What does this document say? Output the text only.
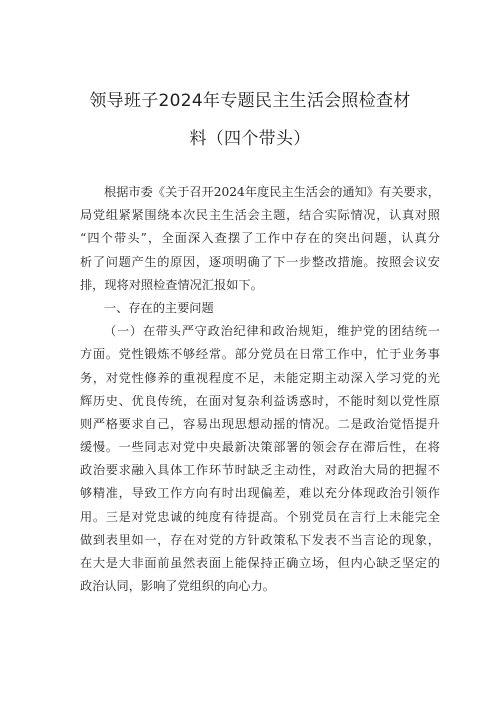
领导班子2024年专题民主生活会照检查材
料（四个带头）
根据市委《关于召开2024年度民主生活会的通知》有关要求，
局党组紧紧围绕本次民主生活会主题，结合实际情况，认真对照
“四个带头”，全面深入查摆了工作中存在的突出问题，认真分
析了问题产生的原因，逐项明确了下一步整改措施。按照会议安
排，现将对照检查情况汇报如下。
一、存在的主要问题
（一）在带头严守政治纪律和政治规矩，维护党的团结统一
方面。党性锻炼不够经常。部分党员在日常工作中，忙于业务事
务，对党性修养的重视程度不足，未能定期主动深入学习党的光
辉历史、优良传统，在面对复杂利益诱惑时，不能时刻以党性原
则严格要求自己，容易出现思想动摇的情况。二是政治觉悟提升
缓慢。一些同志对党中央最新决策部署的领会存在滞后性，在将
政治要求融入具体工作环节时缺乏主动性，对政治大局的把握不
够精准，导致工作方向有时出现偏差，难以充分体现政治引领作
用。三是对党忠诚的纯度有待提高。个别党员在言行上未能完全
做到表里如一，存在对党的方针政策私下发表不当言论的现象，
在大是大非面前虽然表面上能保持正确立场，但内心缺乏坚定的
政治认同，影响了党组织的向心力。
